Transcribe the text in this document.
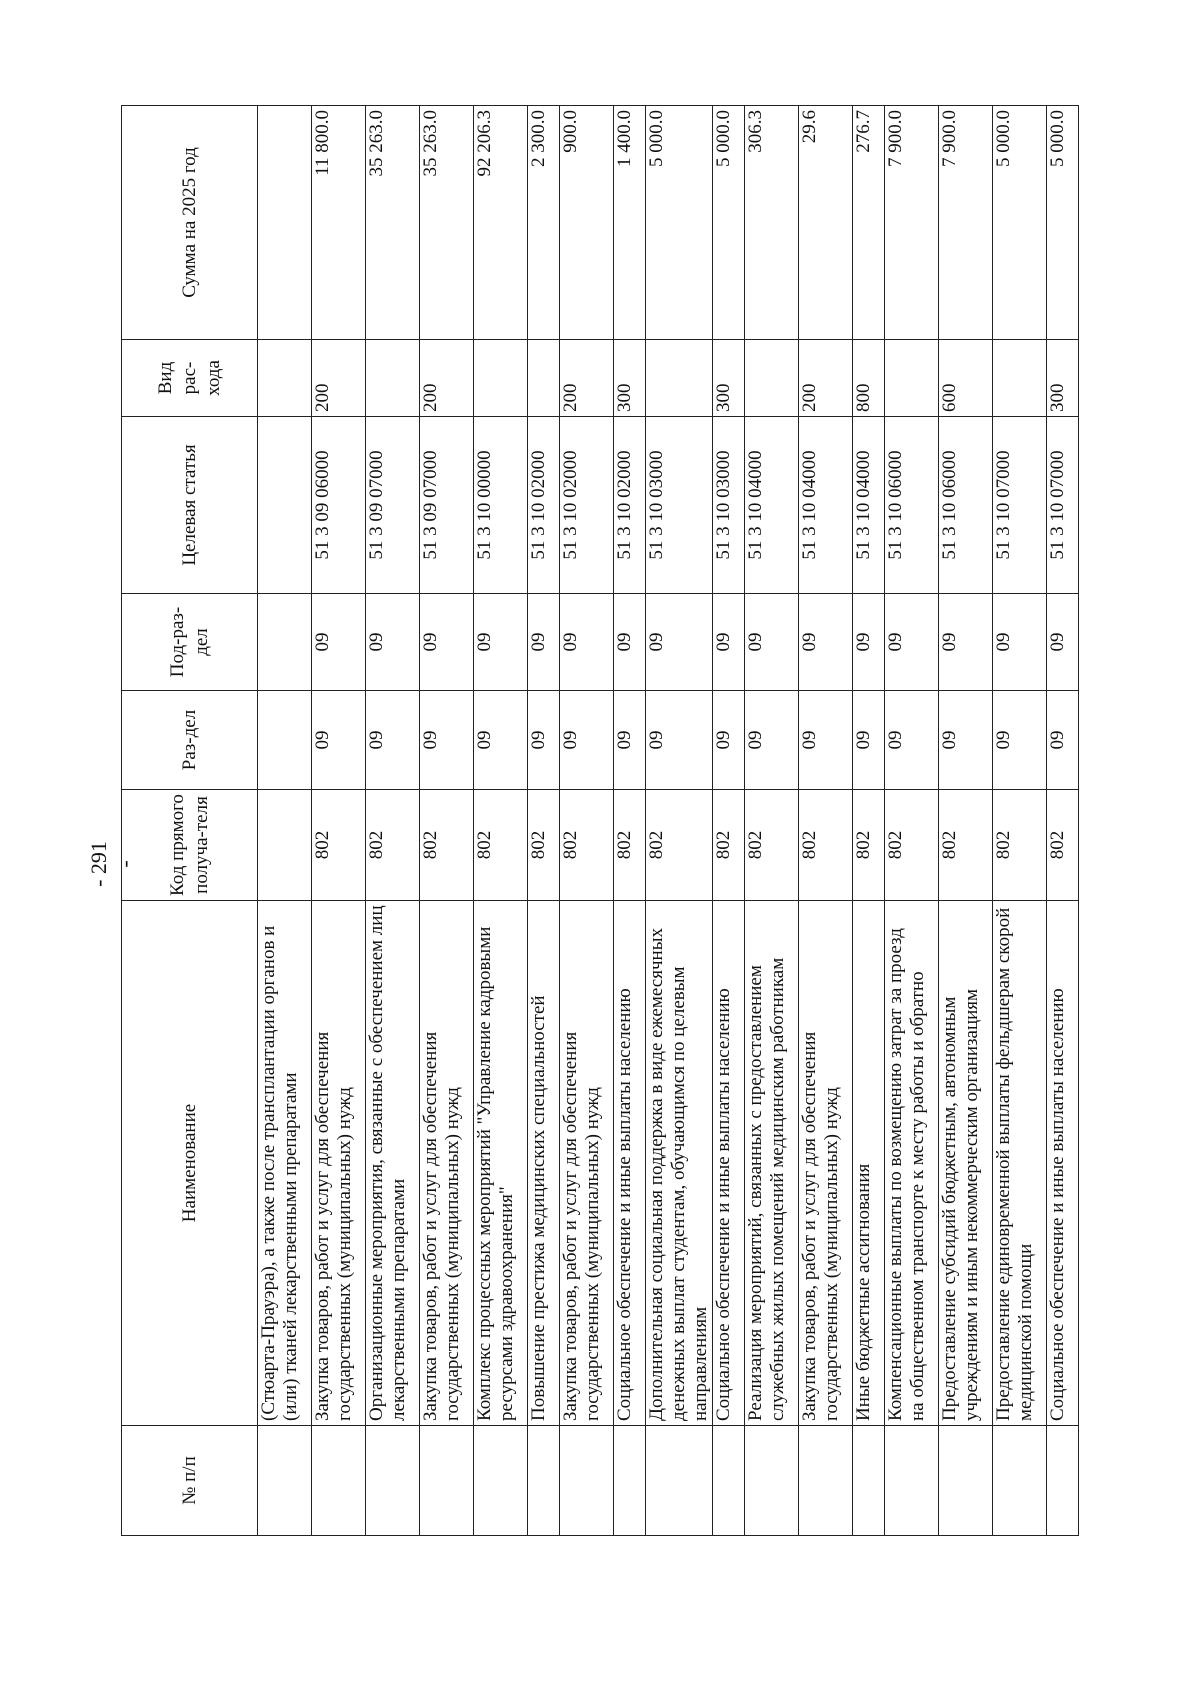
- 291 -
№ п/п	Наименование	Код прямого получа-теля	Раз-дел	Под-раз-дел	Целевая статья	Вид рас-хода	Сумма на 2025 год
	(Стюарта-Прауэра), а также после трансплантации органов и (или) тканей лекарственными препаратами						
	Закупка товаров, работ и услуг для обеспечения государственных (муниципальных) нужд	802	09	09	51 3 09 06000	200	11 800.0
	Организационные мероприятия, связанные с обеспечением лиц лекарственными препаратами	802	09	09	51 3 09 07000		35 263.0
	Закупка товаров, работ и услуг для обеспечения государственных (муниципальных) нужд	802	09	09	51 3 09 07000	200	35 263.0
	Комплекс процессных мероприятий "Управление кадровыми ресурсами здравоохранения"	802	09	09	51 3 10 00000		92 206.3
	Повышение престижа медицинских специальностей	802	09	09	51 3 10 02000		2 300.0
	Закупка товаров, работ и услуг для обеспечения государственных (муниципальных) нужд	802	09	09	51 3 10 02000	200	900.0
	Социальное обеспечение и иные выплаты населению	802	09	09	51 3 10 02000	300	1 400.0
	Дополнительная социальная поддержка в виде ежемесячных денежных выплат студентам, обучающимся по целевым направлениям	802	09	09	51 3 10 03000		5 000.0
	Социальное обеспечение и иные выплаты населению	802	09	09	51 3 10 03000	300	5 000.0
	Реализация мероприятий, связанных с предоставлением служебных жилых помещений медицинским работникам	802	09	09	51 3 10 04000		306.3
	Закупка товаров, работ и услуг для обеспечения государственных (муниципальных) нужд	802	09	09	51 3 10 04000	200	29.6
	Иные бюджетные ассигнования	802	09	09	51 3 10 04000	800	276.7
	Компенсационные выплаты по возмещению затрат за проезд на общественном транспорте к месту работы и обратно	802	09	09	51 3 10 06000		7 900.0
	Предоставление субсидий бюджетным, автономным учреждениям и иным некоммерческим организациям	802	09	09	51 3 10 06000	600	7 900.0
	Предоставление единовременной выплаты фельдшерам скорой медицинской помощи	802	09	09	51 3 10 07000		5 000.0
	Социальное обеспечение и иные выплаты населению	802	09	09	51 3 10 07000	300	5 000.0
